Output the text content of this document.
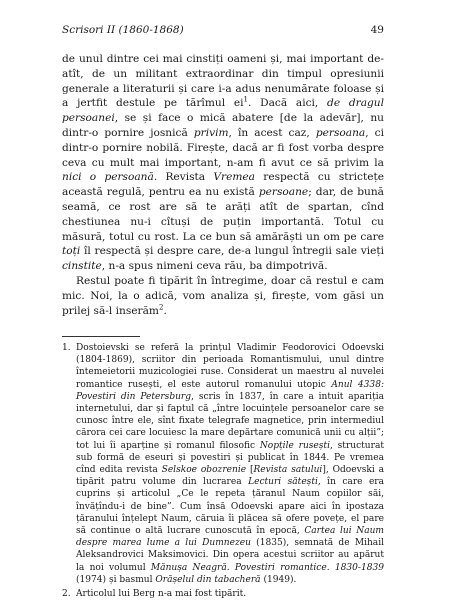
Scrisori II (1860-1868)	49

de unul dintre cei mai cinstiți oameni și, mai important de-atît, de un militant extraordinar din timpul opresiunii generale a literaturii și care i-a adus nenumărate foloase și a jertfit destule pe tărîmul $ei^1$. Dacă aici, de dragul persoanei, se și face o mică abatere [de la adevăr], nu dintr-o pornire josnică privim, în acest caz, persoana, ci dintr-o pornire nobilă. Firește, dacă ar fi fost vorba despre ceva cu mult mai important, n-am fi avut ce să privim la nici o persoană. Revista Vremea respectă cu strictețe această regulă, pentru ea nu există persoane; dar, de bună seamă, ce rost are să te arăți atît de spartan, cînd chestiunea nu-i cîtuși de puțin importantă. Totul cu măsură, totul cu rost. La ce bun să amărăști un om pe care toți îl respectă și despre care, de-a lungul întregii sale vieți cinstite, n-a spus nimeni ceva rău, ba dimpotrivă.

Restul poate fi tipărit în întregime, doar că restul e cam mic. Noi, la o adică, vom analiza și, firește, vom găsi un prilej să-l inserăm$^2$.

1. Dostoievski se referă la prințul Vladimir Feodorovici Odoevski (1804-1869), scriitor din perioada Romantismului, unul dintre întemeietorii muzicologiei ruse. Considerat un maestru al nuvelei romantice rusești, el este autorul romanului utopic Anul 4338: Povestiri din Petersburg, scris în 1837, în care a intuit apariția internetului, dar și faptul că „între locuințele persoanelor care se cunosc între ele, sînt fixate telegrafe magnetice, prin intermediul cărora cei care locuiesc la mare depărtare comunică unii cu alții”; tot lui îi aparține și romanul filosofic Nopțile rusești, structurat sub formă de eseuri și povestiri și publicat în 1844. Pe vremea cînd edita revista Selskoe obozrenie [Revista satului], Odoevski a tipărit patru volume din lucrarea Lecturi sătești, în care era cuprins și articolul „Ce le repeta țăranul Naum copiilor săi, învățîndu-i de bine”. Cum însă Odoevski apare aici în ipostaza țăranului înțelept Naum, căruia îi plăcea să ofere povețe, el pare să continue o altă lucrare cunoscută în epocă, Cartea lui Naum despre marea lume a lui Dumnezeu (1835), semnată de Mihail Aleksandrovici Maksimovici. Din opera acestui scriitor au apărut la noi volumul Mănușa Neagră. Povestiri romantice. 1830-1839 (1974) și basmul Orășelul din tabacheră (1949).

2. Articolul lui Berg n-a mai fost tipărit.
